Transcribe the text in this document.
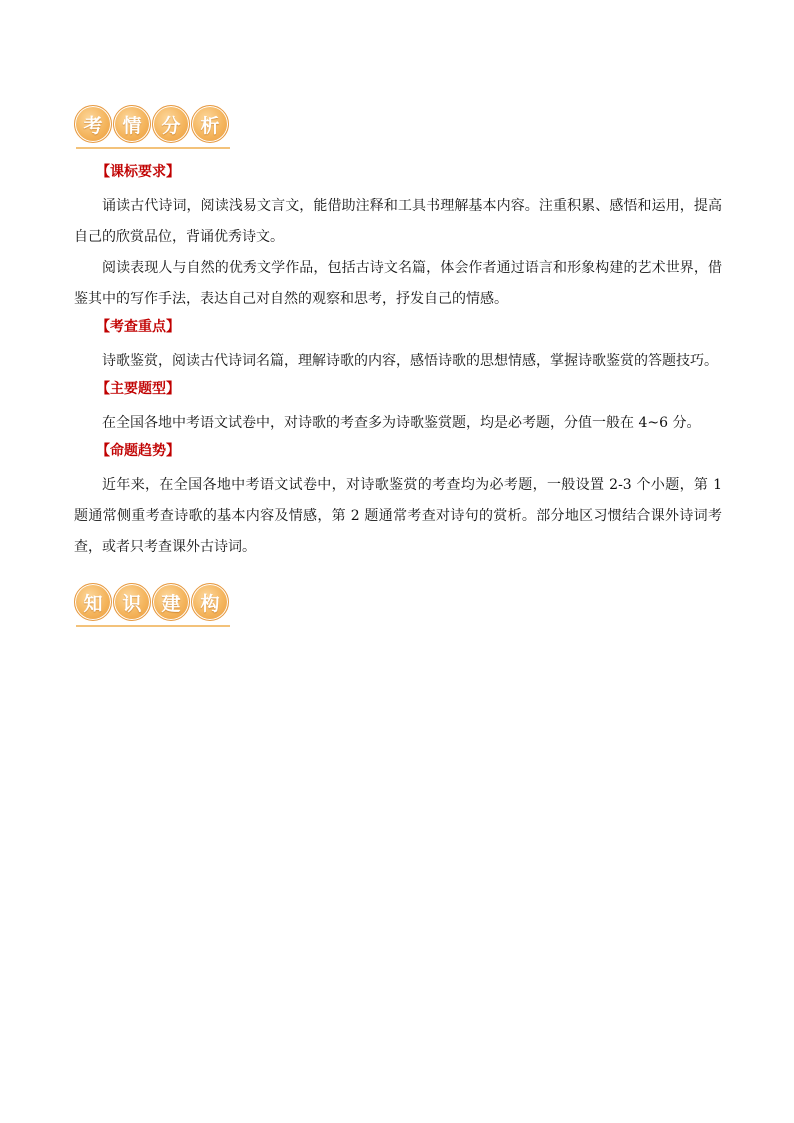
考	情	分	析
【课标要求】

诵读古代诗词，阅读浅易文言文，能借助注释和工具书理解基本内容。注重积累、感悟和运用，提高自己的欣赏品位，背诵优秀诗文。

阅读表现人与自然的优秀文学作品，包括古诗文名篇，体会作者通过语言和形象构建的艺术世界，借鉴其中的写作手法，表达自己对自然的观察和思考，抒发自己的情感。

【考查重点】

诗歌鉴赏，阅读古代诗词名篇，理解诗歌的内容，感悟诗歌的思想情感，掌握诗歌鉴赏的答题技巧。

【主要题型】

在全国各地中考语文试卷中，对诗歌的考查多为诗歌鉴赏题，均是必考题，分值一般在 4~6 分。

【命题趋势】

近年来，在全国各地中考语文试卷中，对诗歌鉴赏的考查均为必考题，一般设置 2-3 个小题，第 1 题通常侧重考查诗歌的基本内容及情感，第 2 题通常考查对诗句的赏析。部分地区习惯结合课外诗词考查，或者只考查课外古诗词。

知	识	建	构
